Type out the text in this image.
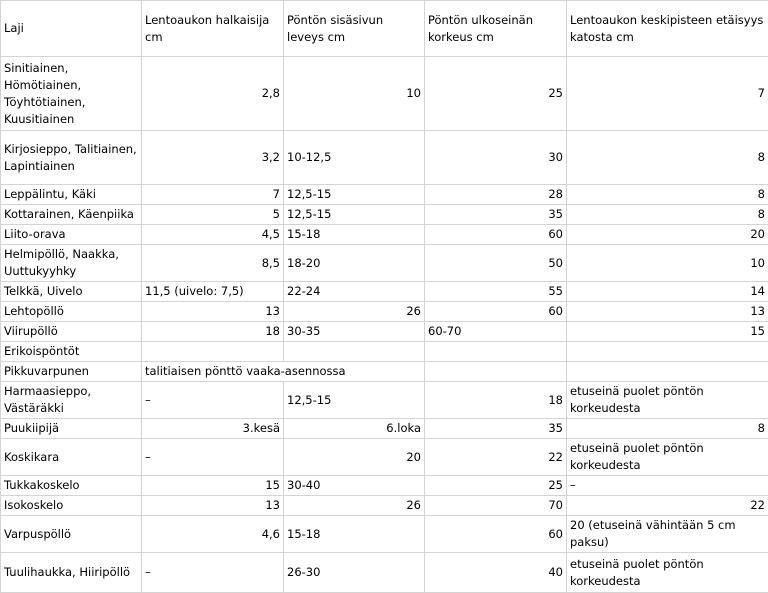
Laji	Lentoaukon halkaisija cm	Pöntön sisäsivun leveys cm	Pöntön ulkoseinän korkeus cm	Lentoaukon keskipisteen etäisyys katosta cm
Sinitiainen, Hömötiainen, Töyhtötiainen, Kuusitiainen	2,8	10	25	7
Kirjosieppo, Talitiainen, Lapintiainen	3,2	10-12,5	30	8
Leppälintu, Käki	7	12,5-15	28	8
Kottarainen, Käenpiika	5	12,5-15	35	8
Liito-orava	4,5	15-18	60	20
Helmipöllö, Naakka, Uuttukyyhky	8,5	18-20	50	10
Telkkä, Uivelo	11,5 (uivelo: 7,5)	22-24	55	14
Lehtopöllö	13	26	60	13
Viirupöllö	18	30-35	60-70	15
Erikoispöntöt				
Pikkuvarpunen	talitiaisen pönttö vaaka-asennossa			
Harmaasieppo, Västäräkki	–	12,5-15	18	etuseinä puolet pöntön korkeudesta
Puukiipijä	3.kesä	6.loka	35	8
Koskikara	–	20	22	etuseinä puolet pöntön korkeudesta
Tukkakoskelo	15	30-40	25	–
Isokoskelo	13	26	70	22
Varpuspöllö	4,6	15-18	60	20 (etuseinä vähintään 5 cm paksu)
Tuulihaukka, Hiiripöllö	–	26-30	40	etuseinä puolet pöntön korkeudesta
